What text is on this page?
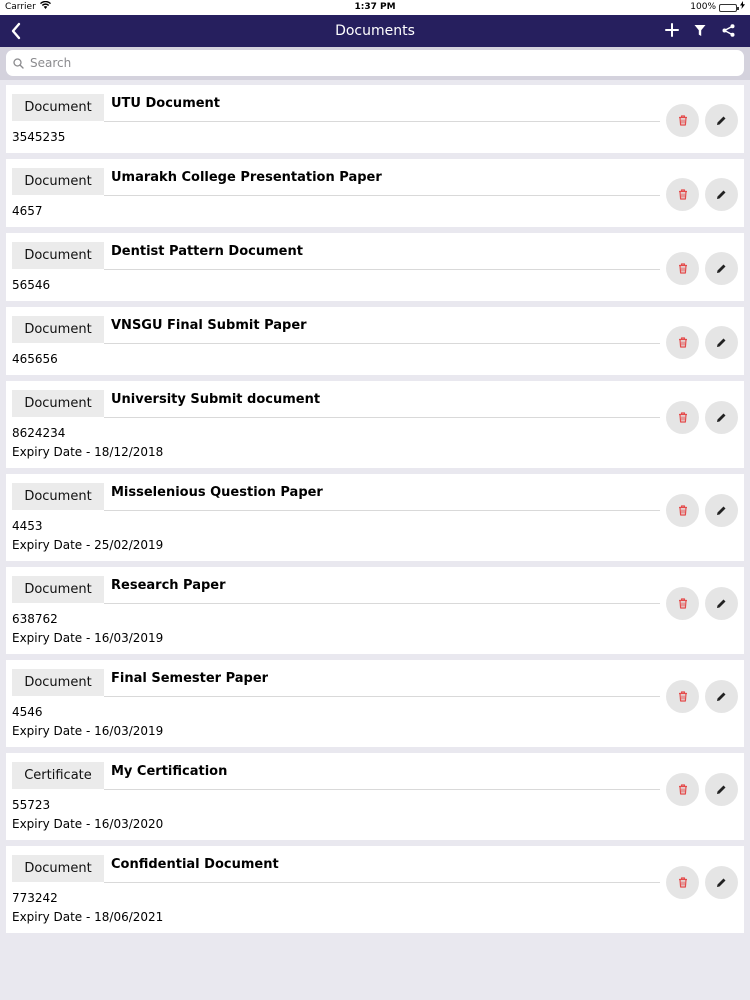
Carrier	1:37 PM	100%
Documents
Search
Document	UTU Document
3545235
Document	Umarakh College Presentation Paper
4657
Document	Dentist Pattern Document
56546
Document	VNSGU Final Submit Paper
465656
Document	University Submit document
8624234
Expiry Date - 18/12/2018
Document	Misselenious Question Paper
4453
Expiry Date - 25/02/2019
Document	Research Paper
638762
Expiry Date - 16/03/2019
Document	Final Semester Paper
4546
Expiry Date - 16/03/2019
Certificate	My Certification
55723
Expiry Date - 16/03/2020
Document	Confidential Document
773242
Expiry Date - 18/06/2021
